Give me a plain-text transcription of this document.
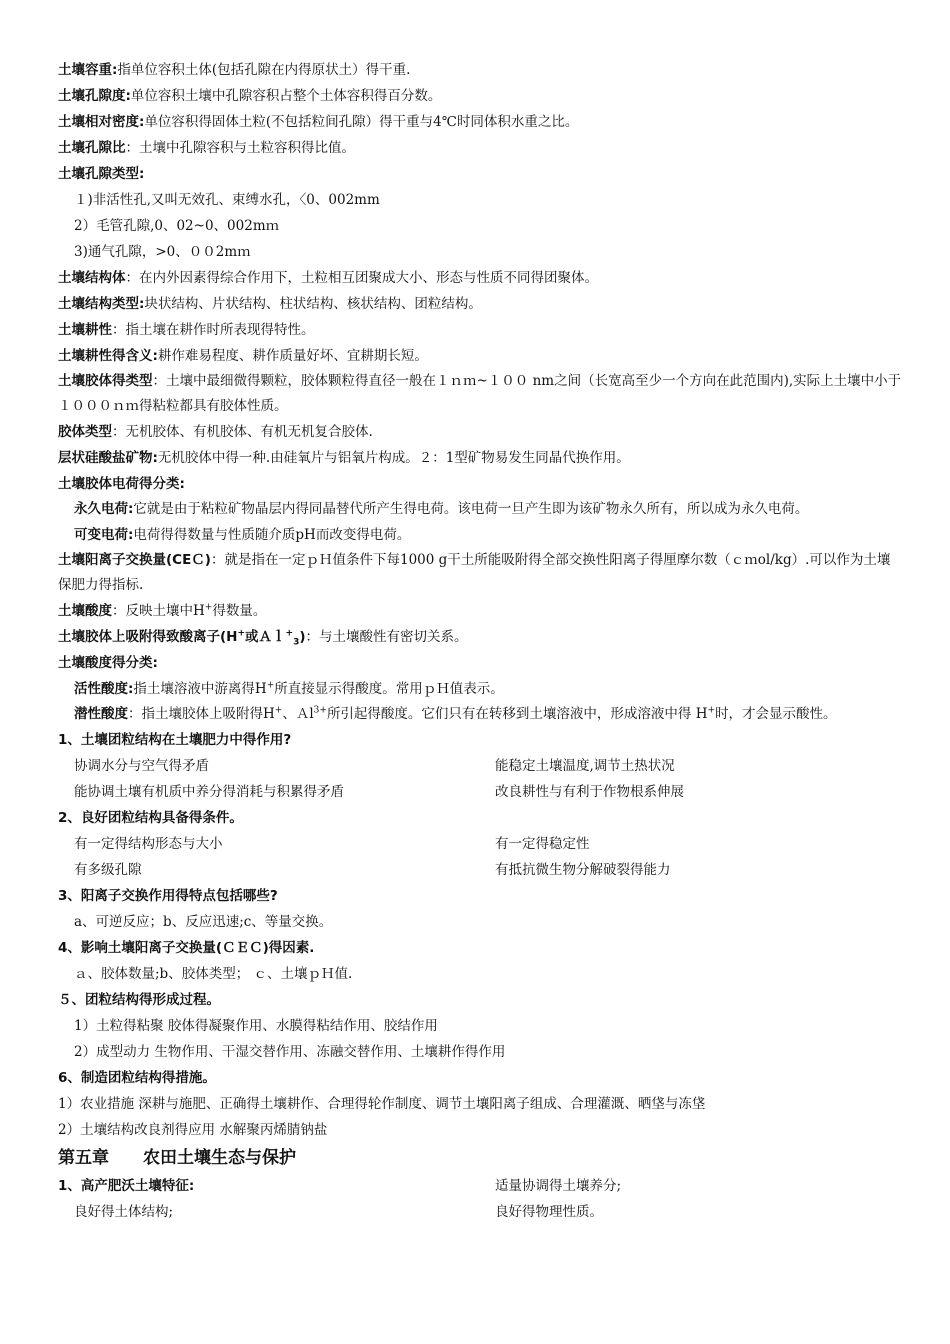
土壤容重:指单位容积土体(包括孔隙在内得原状土）得干重.
土壤孔隙度:单位容积土壤中孔隙容积占整个土体容积得百分数。
土壤相对密度:单位容积得固体土粒(不包括粒间孔隙）得干重与4℃时同体积水重之比。
土壤孔隙比：土壤中孔隙容积与土粒容积得比值。
土壤孔隙类型:
１)非活性孔,又叫无效孔、束缚水孔，〈0、002mm
2）毛管孔隙,0、02~0、002mｍ
3)通气孔隙，>0、００2mｍ
土壤结构体：在内外因素得综合作用下，土粒相互团聚成大小、形态与性质不同得团聚体。
土壤结构类型:块状结构、片状结构、柱状结构、核状结构、团粒结构。
土壤耕性：指土壤在耕作时所表现得特性。
土壤耕性得含义:耕作难易程度、耕作质量好坏、宜耕期长短。

土壤胶体得类型：土壤中最细微得颗粒，胶体颗粒得直径一般在１ｎｍ~１００ nm之间（长宽高至少一个方向在此范围内),实际上土壤中小于１０００ｎｍ得粘粒都具有胶体性质。

胶体类型：无机胶体、有机胶体、有机无机复合胶体.
层状硅酸盐矿物:无机胶体中得一种.由硅氧片与铝氧片构成。２：1型矿物易发生同晶代换作用。
土壤胶体电荷得分类:

永久电荷:它就是由于粘粒矿物晶层内得同晶替代所产生得电荷。该电荷一旦产生即为该矿物永久所有，所以成为永久电荷。

可变电荷:电荷得得数量与性质随介质pH而改变得电荷。

土壤阳离子交换量(CEＣ)：就是指在一定ｐＨ值条件下每1000 g干土所能吸附得全部交换性阳离子得厘摩尔数（ｃｍol/kg）.可以作为土壤保肥力得指标.

土壤酸度：反映土壤中H+得数量。
土壤胶体上吸附得致酸离子(H+或Ａｌ+$_3$)：与土壤酸性有密切关系。
土壤酸度得分类:
活性酸度:指土壤溶液中游离得H+所直接显示得酸度。常用ｐＨ值表示。

潜性酸度：指土壤胶体上吸附得H+、Ａl$^{3+}$所引起得酸度。它们只有在转移到土壤溶液中，形成溶液中得 H+时，才会显示酸性。

1、土壤团粒结构在土壤肥力中得作用?
协调水分与空气得矛盾	能稳定土壤温度,调节土热状况
能协调土壤有机质中养分得消耗与积累得矛盾	改良耕性与有利于作物根系伸展
2、良好团粒结构具备得条件。
有一定得结构形态与大小	有一定得稳定性
有多级孔隙	有抵抗微生物分解破裂得能力
3、阳离子交换作用得特点包括哪些?
a、可逆反应；b、反应迅速;c、等量交换。
4、影响土壤阳离子交换量(ＣＥＣ)得因素.
ａ、胶体数量;b、胶体类型； ｃ、土壤ｐＨ值.
５、团粒结构得形成过程。
1）土粒得粘聚 胶体得凝聚作用、水膜得粘结作用、胶结作用
2）成型动力 生物作用、干湿交替作用、冻融交替作用、土壤耕作得作用
6、制造团粒结构得措施。
1）农业措施 深耕与施肥、正确得土壤耕作、合理得轮作制度、调节土壤阳离子组成、合理灌溉、晒垡与冻垡
2）土壤结构改良剂得应用 水解聚丙烯腈钠盐
第五章 农田土壤生态与保护
1、高产肥沃土壤特征:	适量协调得土壤养分;
良好得土体结构;	良好得物理性质。
